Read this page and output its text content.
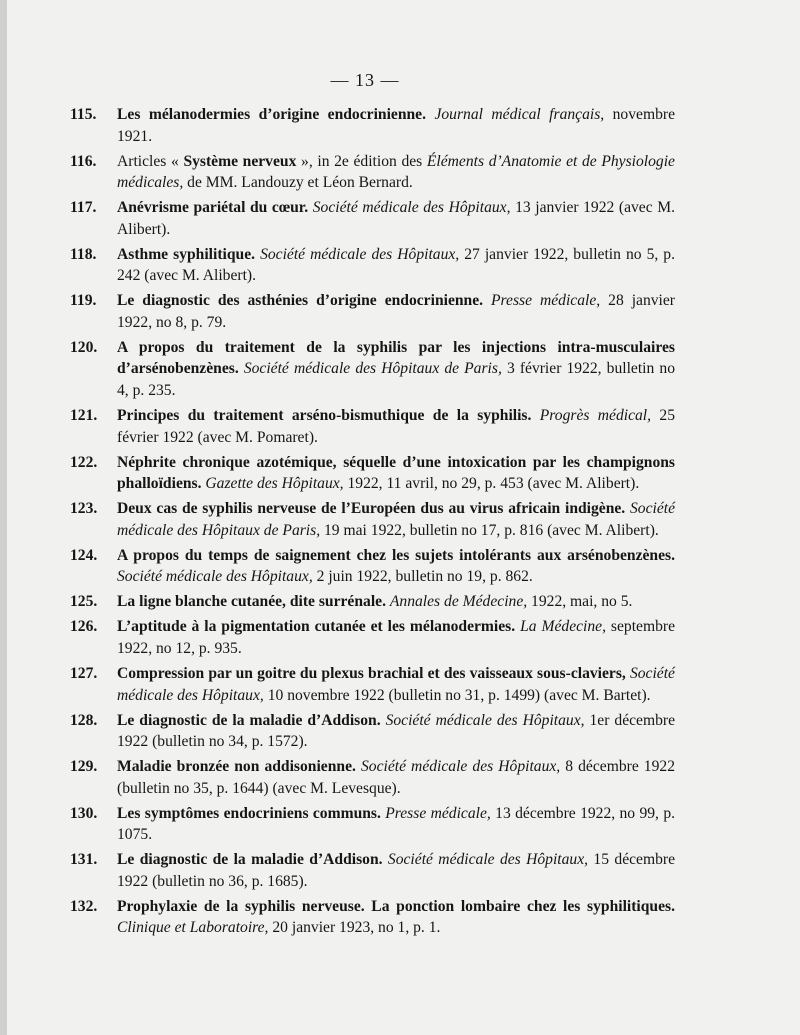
— 13 —
115. Les mélanodermies d’origine endocrinienne. Journal médical français, novembre 1921.
116. Articles « Système nerveux », in 2e édition des Éléments d’Anatomie et de Physiologie médicales, de MM. Landouzy et Léon Bernard.
117. Anévrisme pariétal du cœur. Société médicale des Hôpitaux, 13 janvier 1922 (avec M. Alibert).
118. Asthme syphilitique. Société médicale des Hôpitaux, 27 janvier 1922, bulletin no 5, p. 242 (avec M. Alibert).
119. Le diagnostic des asthénies d’origine endocrinienne. Presse médicale, 28 janvier 1922, no 8, p. 79.
120. A propos du traitement de la syphilis par les injections intra-musculaires d’arsénobenzènes. Société médicale des Hôpitaux de Paris, 3 février 1922, bulletin no 4, p. 235.
121. Principes du traitement arséno-bismuthique de la syphilis. Progrès médical, 25 février 1922 (avec M. Pomaret).
122. Néphrite chronique azotémique, séquelle d’une intoxication par les champignons phalloïdiens. Gazette des Hôpitaux, 1922, 11 avril, no 29, p. 453 (avec M. Alibert).
123. Deux cas de syphilis nerveuse de l’Européen dus au virus africain indigène. Société médicale des Hôpitaux de Paris, 19 mai 1922, bulletin no 17, p. 816 (avec M. Alibert).
124. A propos du temps de saignement chez les sujets intolérants aux arsénobenzènes. Société médicale des Hôpitaux, 2 juin 1922, bulletin no 19, p. 862.
125. La ligne blanche cutanée, dite surrénale. Annales de Médecine, 1922, mai, no 5.
126. L’aptitude à la pigmentation cutanée et les mélanodermies. La Médecine, septembre 1922, no 12, p. 935.
127. Compression par un goitre du plexus brachial et des vaisseaux sous-claviers, Société médicale des Hôpitaux, 10 novembre 1922 (bulletin no 31, p. 1499) (avec M. Bartet).
128. Le diagnostic de la maladie d’Addison. Société médicale des Hôpitaux, 1er décembre 1922 (bulletin no 34, p. 1572).
129. Maladie bronzée non addisonienne. Société médicale des Hôpitaux, 8 décembre 1922 (bulletin no 35, p. 1644) (avec M. Levesque).
130. Les symptômes endocriniens communs. Presse médicale, 13 décembre 1922, no 99, p. 1075.
131. Le diagnostic de la maladie d’Addison. Société médicale des Hôpitaux, 15 décembre 1922 (bulletin no 36, p. 1685).
132. Prophylaxie de la syphilis nerveuse. La ponction lombaire chez les syphilitiques. Clinique et Laboratoire, 20 janvier 1923, no 1, p. 1.
